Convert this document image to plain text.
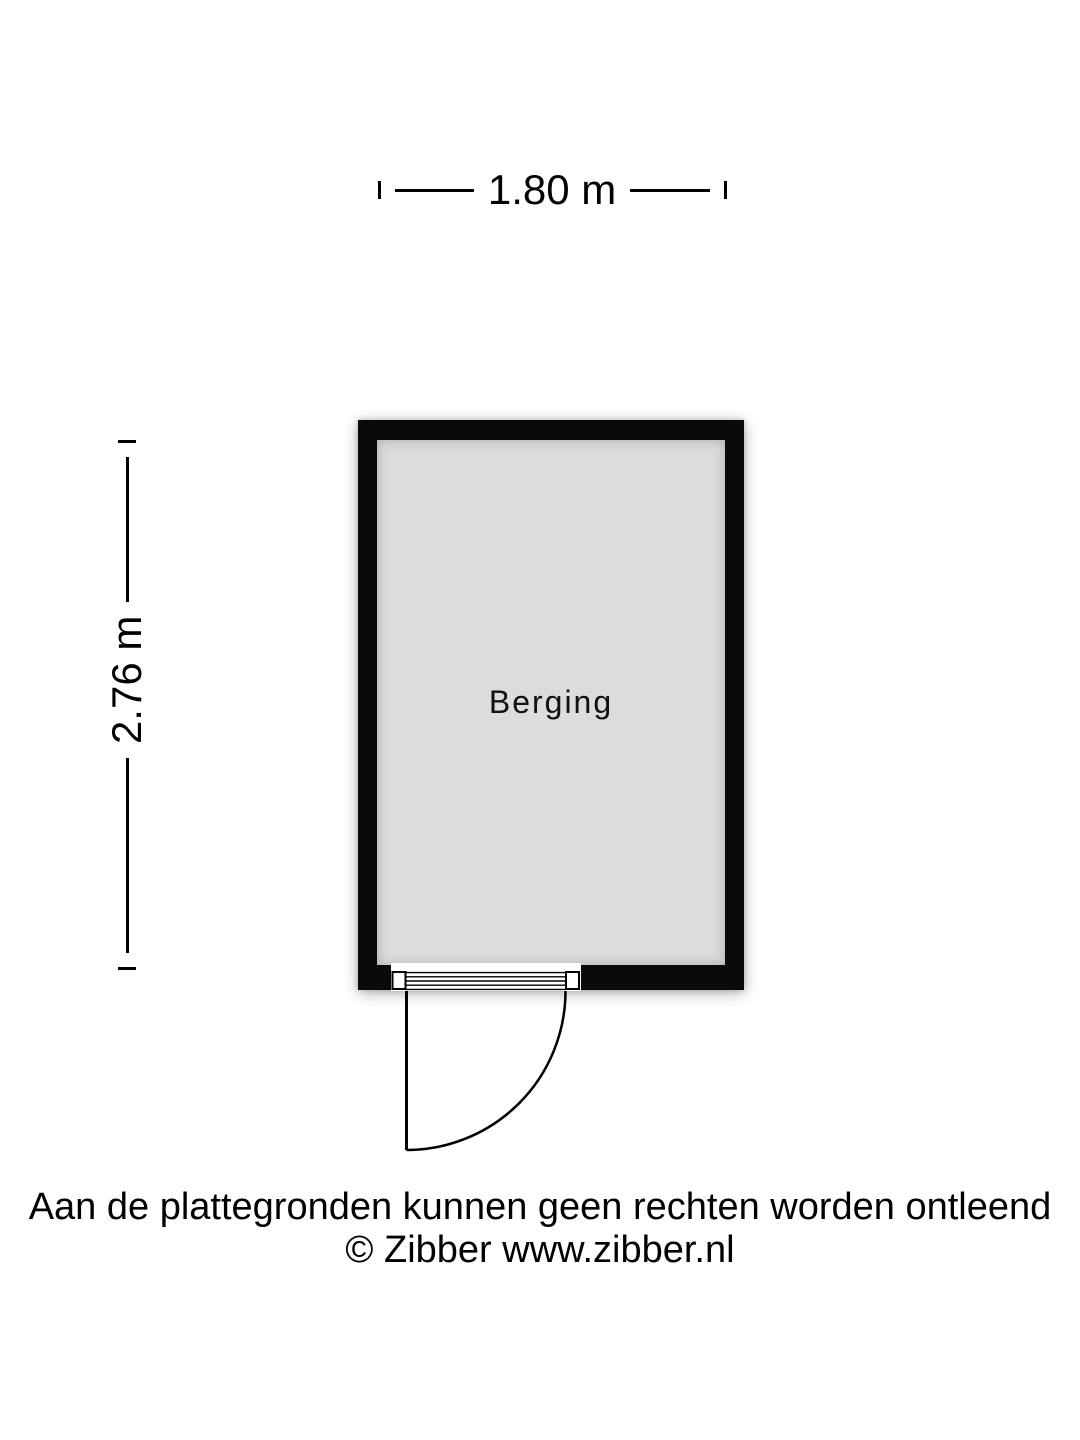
1.80 m
2.76 m	Berging
Aan de plattegronden kunnen geen rechten worden ontleend
© Zibber www.zibber.nl
